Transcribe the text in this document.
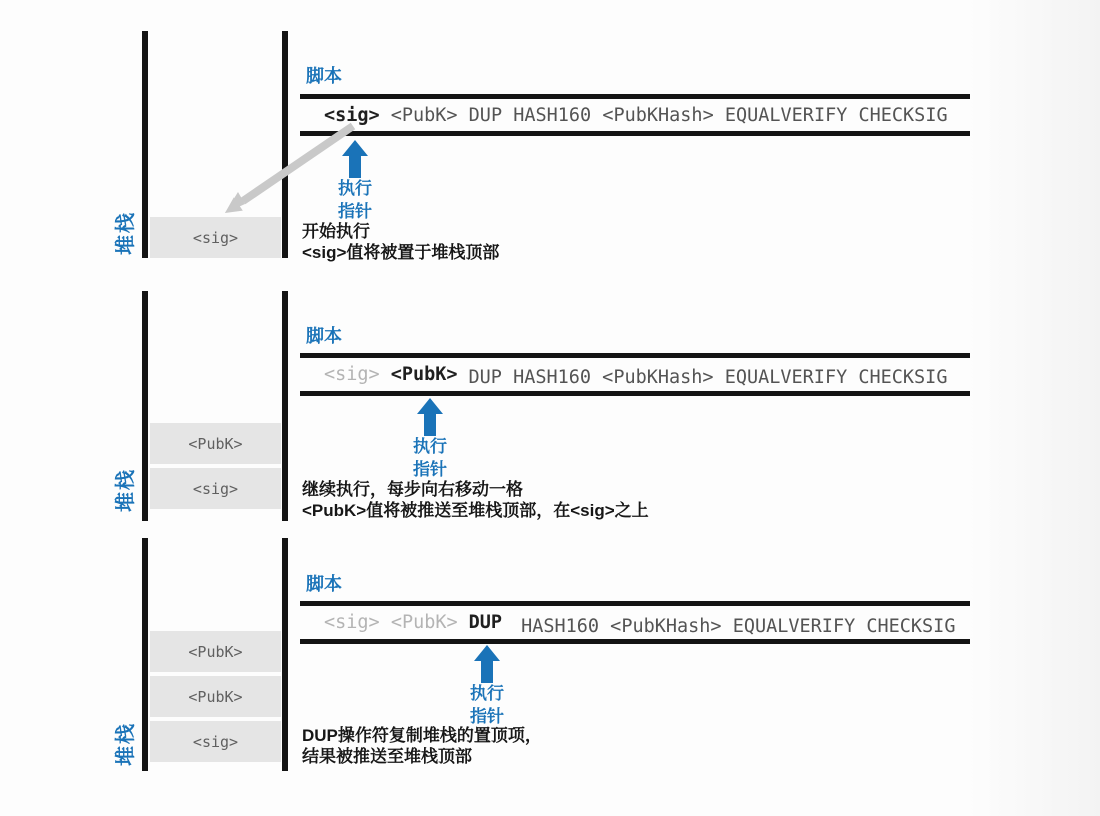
堆栈	<sig>
脚本
<sig> <PubK> DUP HASH160 <PubKHash> EQUALVERIFY CHECKSIG
执行
指针
开始执行
<sig>值将被置于堆栈顶部
堆栈
<PubK>
<sig>
脚本
<sig> <PubK> DUP HASH160 <PubKHash> EQUALVERIFY CHECKSIG
执行
指针
继续执行，每步向右移动一格
<PubK>值将被推送至堆栈顶部，在<sig>之上
堆栈
<PubK>
<PubK>
<sig>
脚本
<sig> <PubK> DUP HASH160 <PubKHash> EQUALVERIFY CHECKSIG
执行
指针
DUP操作符复制堆栈的置顶项，
结果被推送至堆栈顶部
